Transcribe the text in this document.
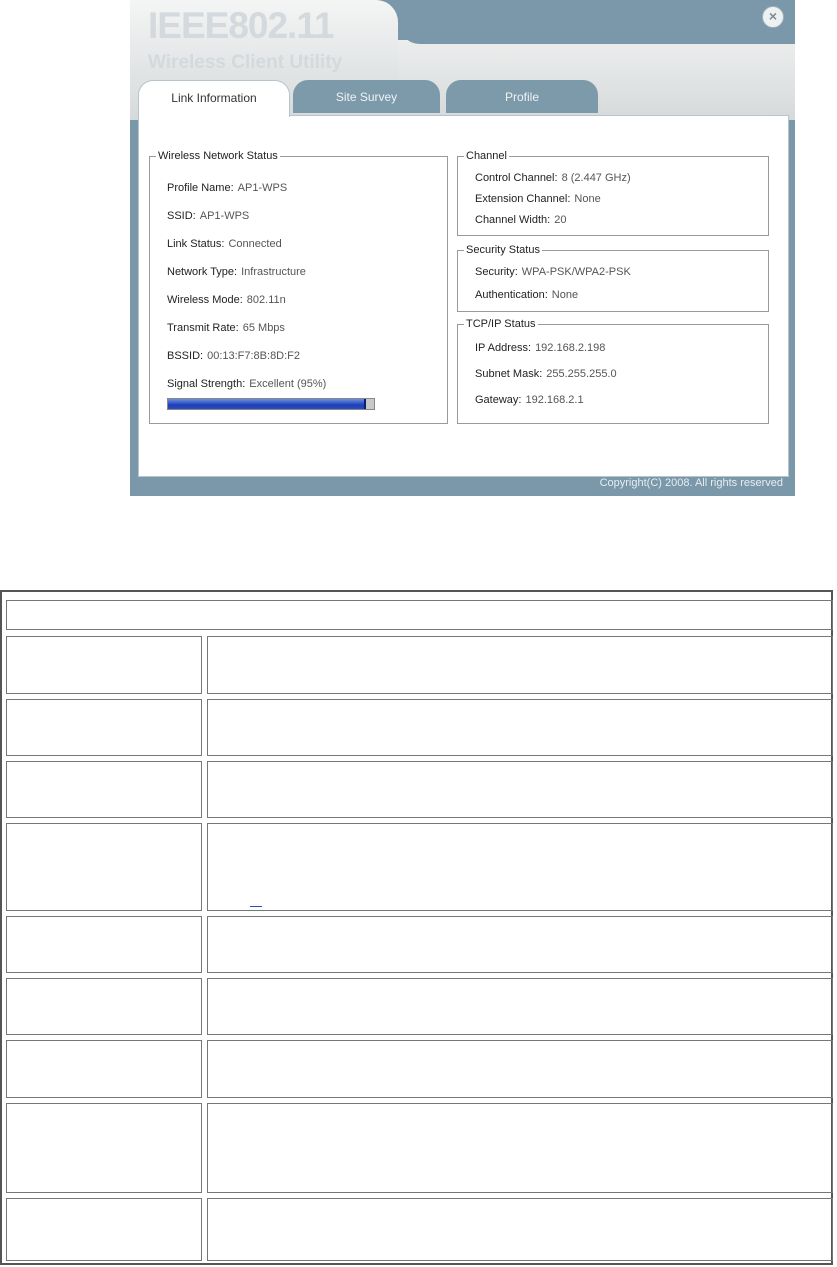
IEEE802.11
Wireless Client Utility
×
Link Information	Site Survey	Profile
Wireless Network Status
Profile Name: AP1-WPS
SSID: AP1-WPS
Link Status: Connected
Network Type: Infrastructure
Wireless Mode: 802.11n
Transmit Rate: 65 Mbps
BSSID: 00:13:F7:8B:8D:F2
Signal Strength: Excellent (95%)
Channel
Control Channel: 8 (2.447 GHz)
Extension Channel: None
Channel Width: 20
Security Status
Security: WPA-PSK/WPA2-PSK
Authentication: None
TCP/IP Status
IP Address: 192.168.2.198
Subnet Mask: 255.255.255.0
Gateway: 192.168.2.1
Copyright(C) 2008. All rights reserved
